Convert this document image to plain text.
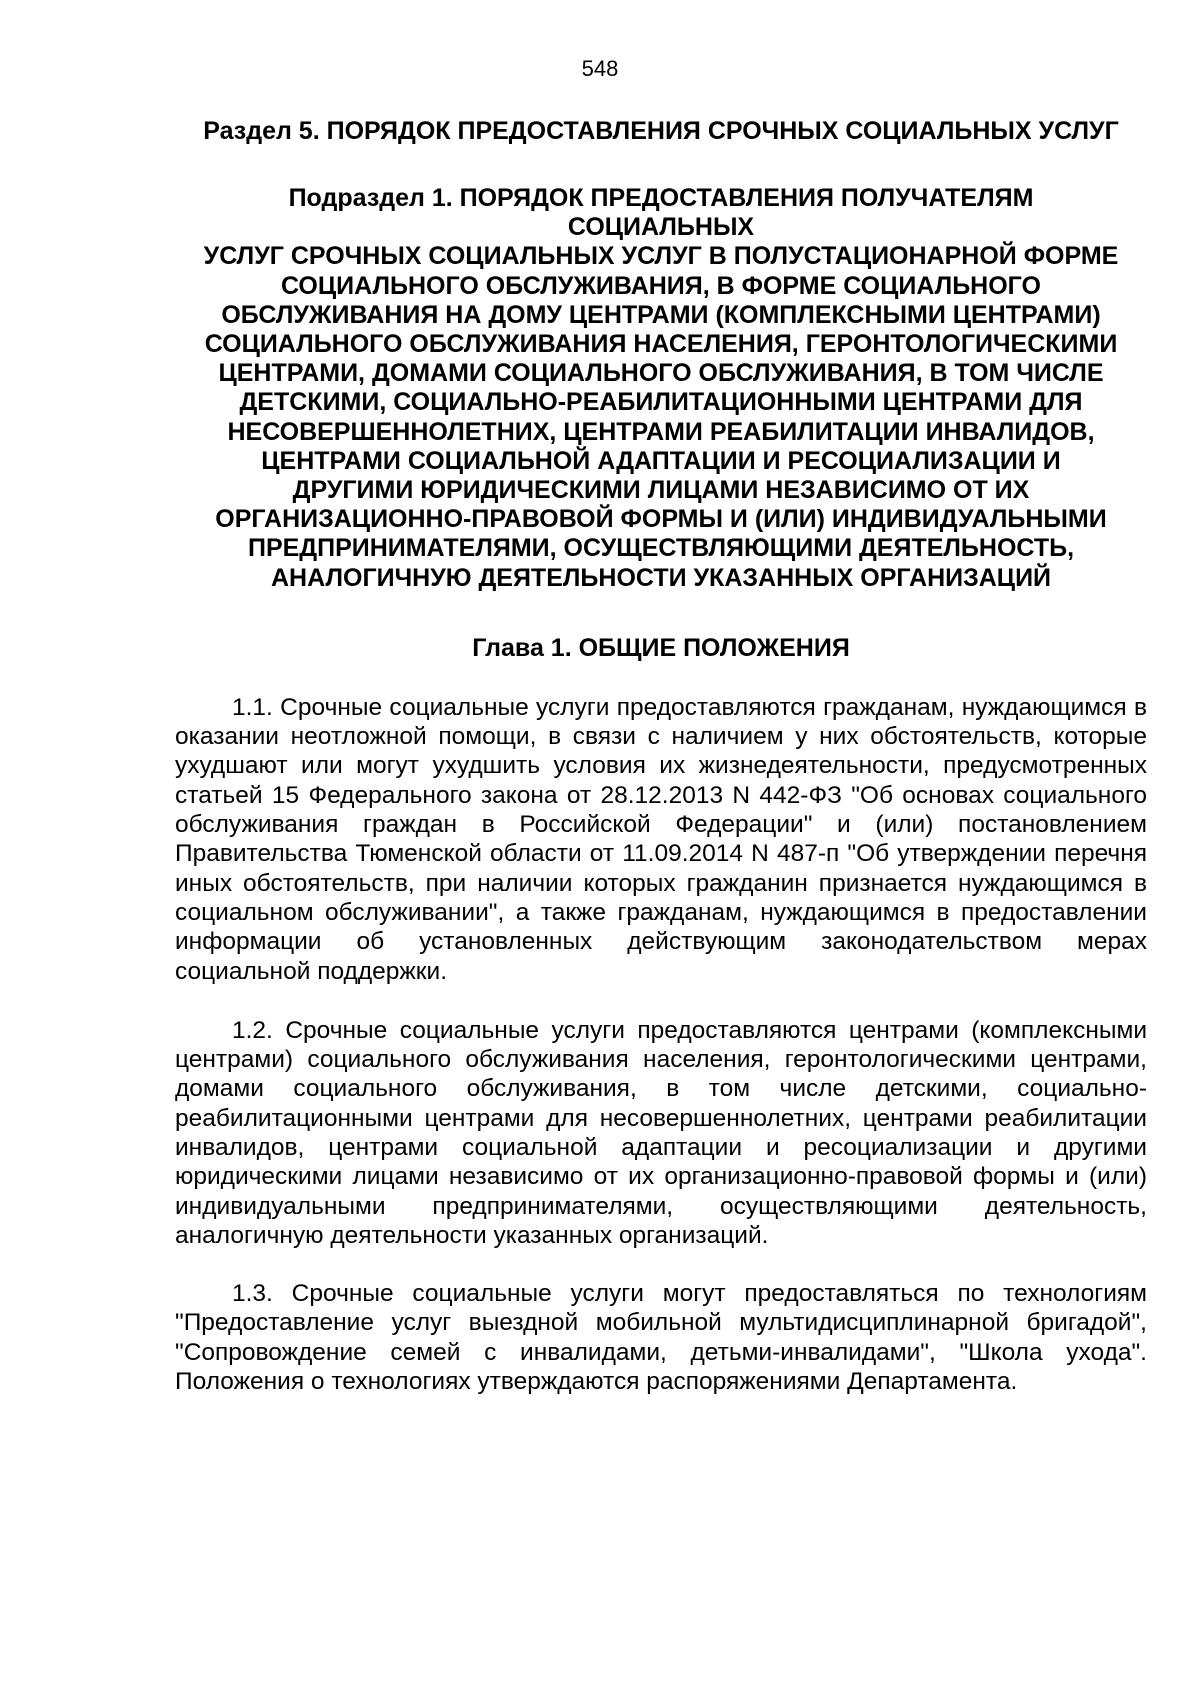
548
Раздел 5. ПОРЯДОК ПРЕДОСТАВЛЕНИЯ СРОЧНЫХ СОЦИАЛЬНЫХ УСЛУГ
Подраздел 1. ПОРЯДОК ПРЕДОСТАВЛЕНИЯ ПОЛУЧАТЕЛЯМ
СОЦИАЛЬНЫХ
УСЛУГ СРОЧНЫХ СОЦИАЛЬНЫХ УСЛУГ В ПОЛУСТАЦИОНАРНОЙ ФОРМЕ
СОЦИАЛЬНОГО ОБСЛУЖИВАНИЯ, В ФОРМЕ СОЦИАЛЬНОГО
ОБСЛУЖИВАНИЯ НА ДОМУ ЦЕНТРАМИ (КОМПЛЕКСНЫМИ ЦЕНТРАМИ)
СОЦИАЛЬНОГО ОБСЛУЖИВАНИЯ НАСЕЛЕНИЯ, ГЕРОНТОЛОГИЧЕСКИМИ
ЦЕНТРАМИ, ДОМАМИ СОЦИАЛЬНОГО ОБСЛУЖИВАНИЯ, В ТОМ ЧИСЛЕ
ДЕТСКИМИ, СОЦИАЛЬНО-РЕАБИЛИТАЦИОННЫМИ ЦЕНТРАМИ ДЛЯ
НЕСОВЕРШЕННОЛЕТНИХ, ЦЕНТРАМИ РЕАБИЛИТАЦИИ ИНВАЛИДОВ,
ЦЕНТРАМИ СОЦИАЛЬНОЙ АДАПТАЦИИ И РЕСОЦИАЛИЗАЦИИ И
ДРУГИМИ ЮРИДИЧЕСКИМИ ЛИЦАМИ НЕЗАВИСИМО ОТ ИХ
ОРГАНИЗАЦИОННО-ПРАВОВОЙ ФОРМЫ И (ИЛИ) ИНДИВИДУАЛЬНЫМИ
ПРЕДПРИНИМАТЕЛЯМИ, ОСУЩЕСТВЛЯЮЩИМИ ДЕЯТЕЛЬНОСТЬ,
АНАЛОГИЧНУЮ ДЕЯТЕЛЬНОСТИ УКАЗАННЫХ ОРГАНИЗАЦИЙ
Глава 1. ОБЩИЕ ПОЛОЖЕНИЯ

1.1. Срочные социальные услуги предоставляются гражданам, нуждающимся в оказании неотложной помощи, в связи с наличием у них обстоятельств, которые ухудшают или могут ухудшить условия их жизнедеятельности, предусмотренных статьей 15 Федерального закона от 28.12.2013 N 442-ФЗ "Об основах социального обслуживания граждан в Российской Федерации" и (или) постановлением Правительства Тюменской области от 11.09.2014 N 487-п "Об утверждении перечня иных обстоятельств, при наличии которых гражданин признается нуждающимся в социальном обслуживании", а также гражданам, нуждающимся в предоставлении информации об установленных действующим законодательством мерах социальной поддержки.

1.2. Срочные социальные услуги предоставляются центрами (комплексными центрами) социального обслуживания населения, геронтологическими центрами, домами социального обслуживания, в том числе детскими, социально-реабилитационными центрами для несовершеннолетних, центрами реабилитации инвалидов, центрами социальной адаптации и ресоциализации и другими юридическими лицами независимо от их организационно-правовой формы и (или) индивидуальными предпринимателями, осуществляющими деятельность, аналогичную деятельности указанных организаций.

1.3. Срочные социальные услуги могут предоставляться по технологиям "Предоставление услуг выездной мобильной мультидисциплинарной бригадой", "Сопровождение семей с инвалидами, детьми-инвалидами", "Школа ухода". Положения о технологиях утверждаются распоряжениями Департамента.
